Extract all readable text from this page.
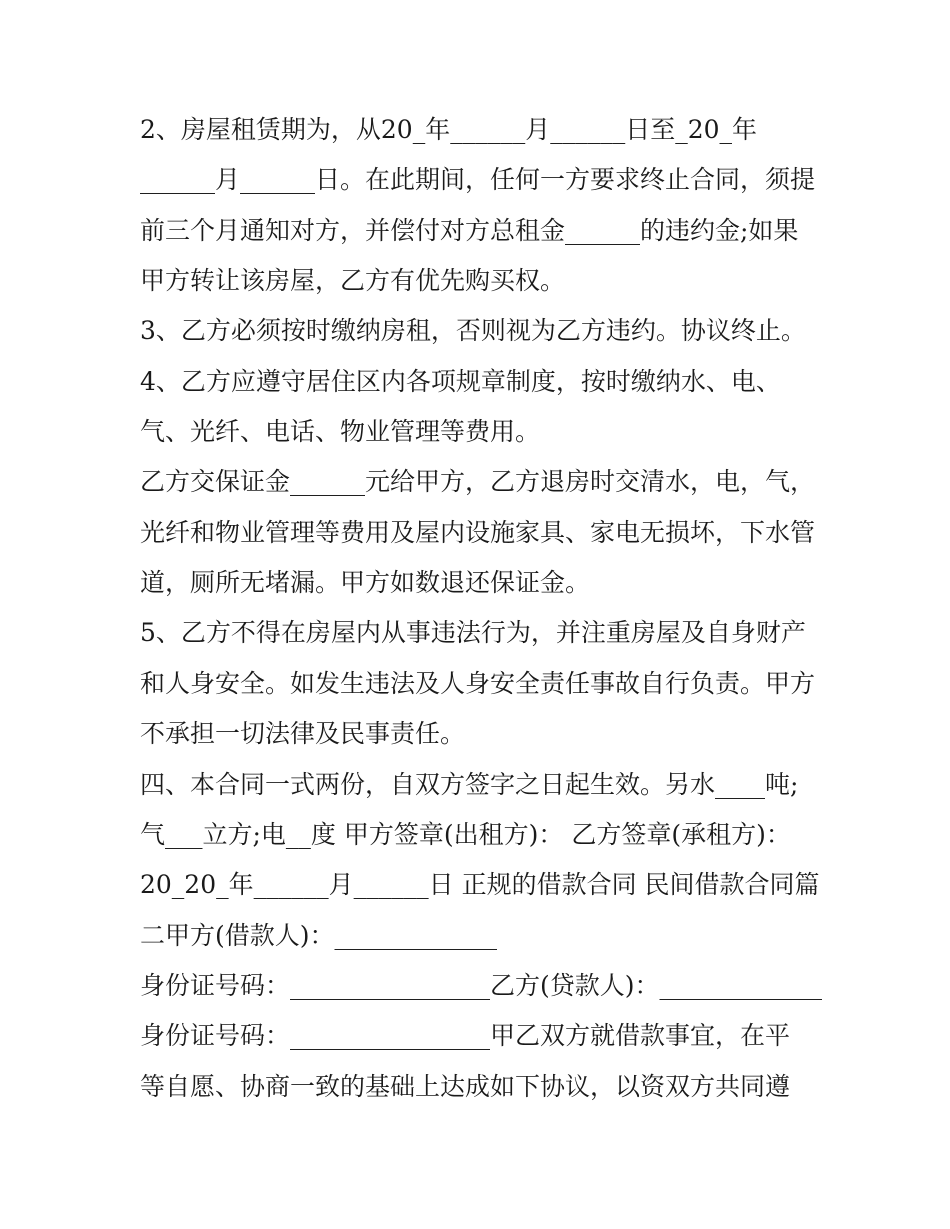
2、房屋租赁期为，从20_年______月______日至_20_年
______月______日。在此期间，任何一方要求终止合同，须提
前三个月通知对方，并偿付对方总租金______的违约金;如果
甲方转让该房屋，乙方有优先购买权。
3、乙方必须按时缴纳房租，否则视为乙方违约。协议终止。
4、乙方应遵守居住区内各项规章制度，按时缴纳水、电、
气、光纤、电话、物业管理等费用。
乙方交保证金______元给甲方，乙方退房时交清水，电，气，
光纤和物业管理等费用及屋内设施家具、家电无损坏，下水管
道，厕所无堵漏。甲方如数退还保证金。
5、乙方不得在房屋内从事违法行为，并注重房屋及自身财产
和人身安全。如发生违法及人身安全责任事故自行负责。甲方
不承担一切法律及民事责任。
四、本合同一式两份，自双方签字之日起生效。另水____吨;
气___立方;电__度 甲方签章(出租方)： 乙方签章(承租方)：
20_20_年______月______日 正规的借款合同 民间借款合同篇
二甲方(借款人)：_____________
身份证号码：________________乙方(贷款人)：_____________
身份证号码：________________甲乙双方就借款事宜，在平
等自愿、协商一致的基础上达成如下协议，以资双方共同遵
